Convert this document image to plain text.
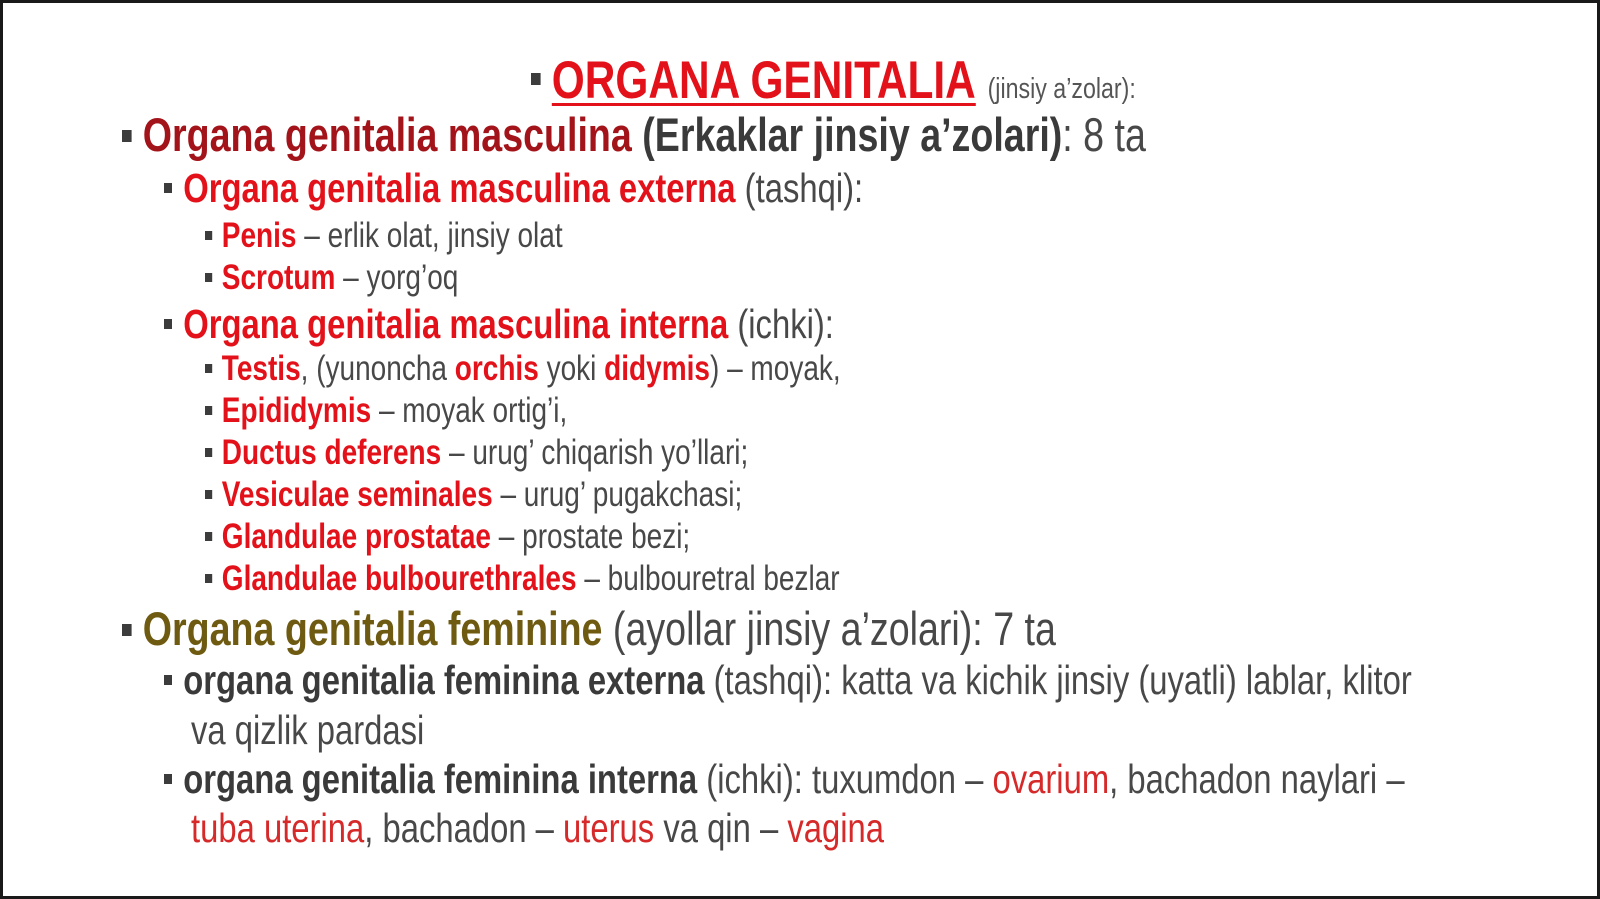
ORGANA GENITALIA (jinsiy a’zolar):
Organa genitalia masculina (Erkaklar jinsiy a’zolari): 8 ta
Organa genitalia masculina externa (tashqi):
Penis – erlik olat, jinsiy olat
Scrotum – yorg’oq
Organa genitalia masculina interna (ichki):
Testis, (yunoncha orchis yoki didymis) – moyak,
Epididymis – moyak ortig’i,
Ductus deferens – urug’ chiqarish yo’llari;
Vesiculae seminales – urug’ pugakchasi;
Glandulae prostatae – prostate bezi;
Glandulae bulbourethrales – bulbouretral bezlar
Organa genitalia feminine (ayollar jinsiy a’zolari): 7 ta
organa genitalia feminina externa (tashqi): katta va kichik jinsiy (uyatli) lablar, klitor
va qizlik pardasi
organa genitalia feminina interna (ichki): tuxumdon – ovarium, bachadon naylari –
tuba uterina, bachadon – uterus va qin – vagina
